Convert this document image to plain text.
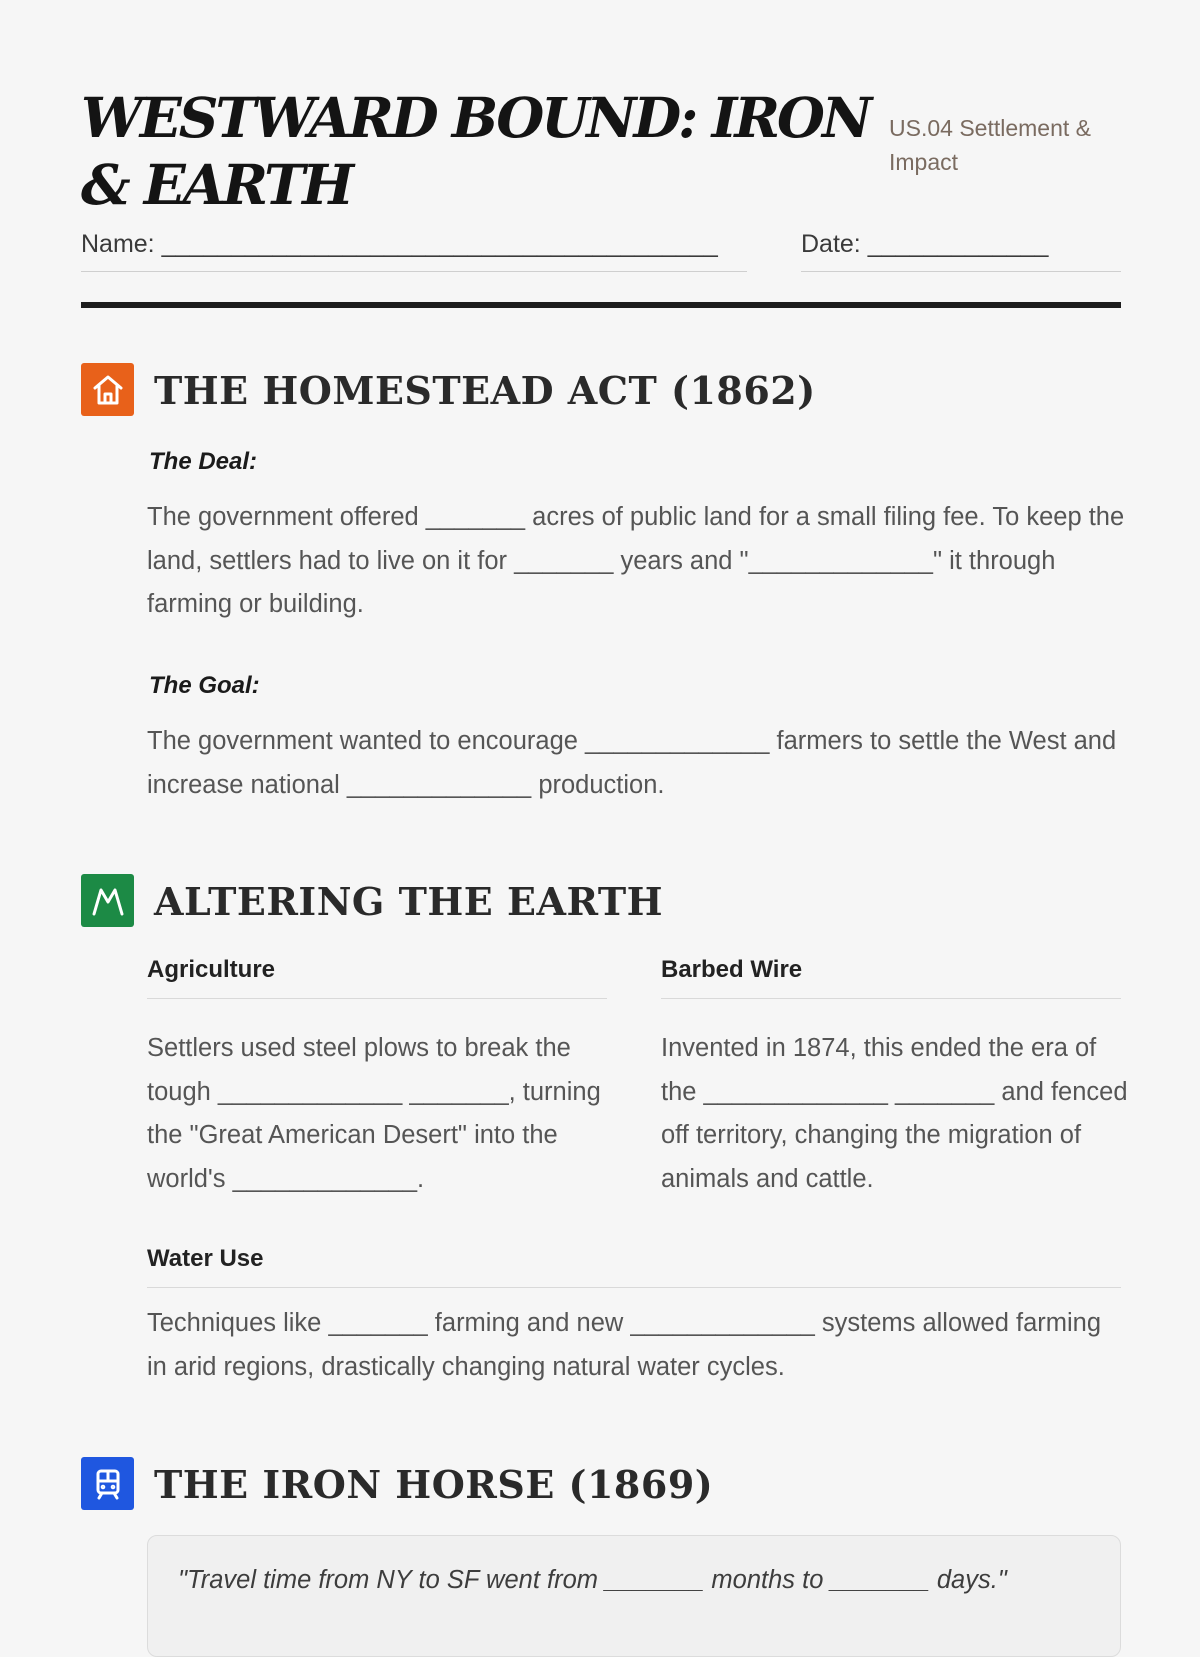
WESTWARD BOUND: IRON & EARTH
US.04 Settlement & Impact
Name: ________________________________________	Date: _____________
THE HOMESTEAD ACT (1862)
The Deal:

The government offered _______ acres of public land for a small filing fee. To keep the land, settlers had to live on it for _______ years and "_____________" it through farming or building.

The Goal:

The government wanted to encourage _____________ farmers to settle the West and increase national _____________ production.

ALTERING THE EARTH
Agriculture	Barbed Wire

Settlers used steel plows to break the tough _____________ _______, turning the "Great American Desert" into the world's _____________.

Invented in 1874, this ended the era of the _____________ _______ and fenced off territory, changing the migration of animals and cattle.

Water Use

Techniques like _______ farming and new _____________ systems allowed farming in arid regions, drastically changing natural water cycles.

THE IRON HORSE (1869)

"Travel time from NY to SF went from _______ months to _______ days."
